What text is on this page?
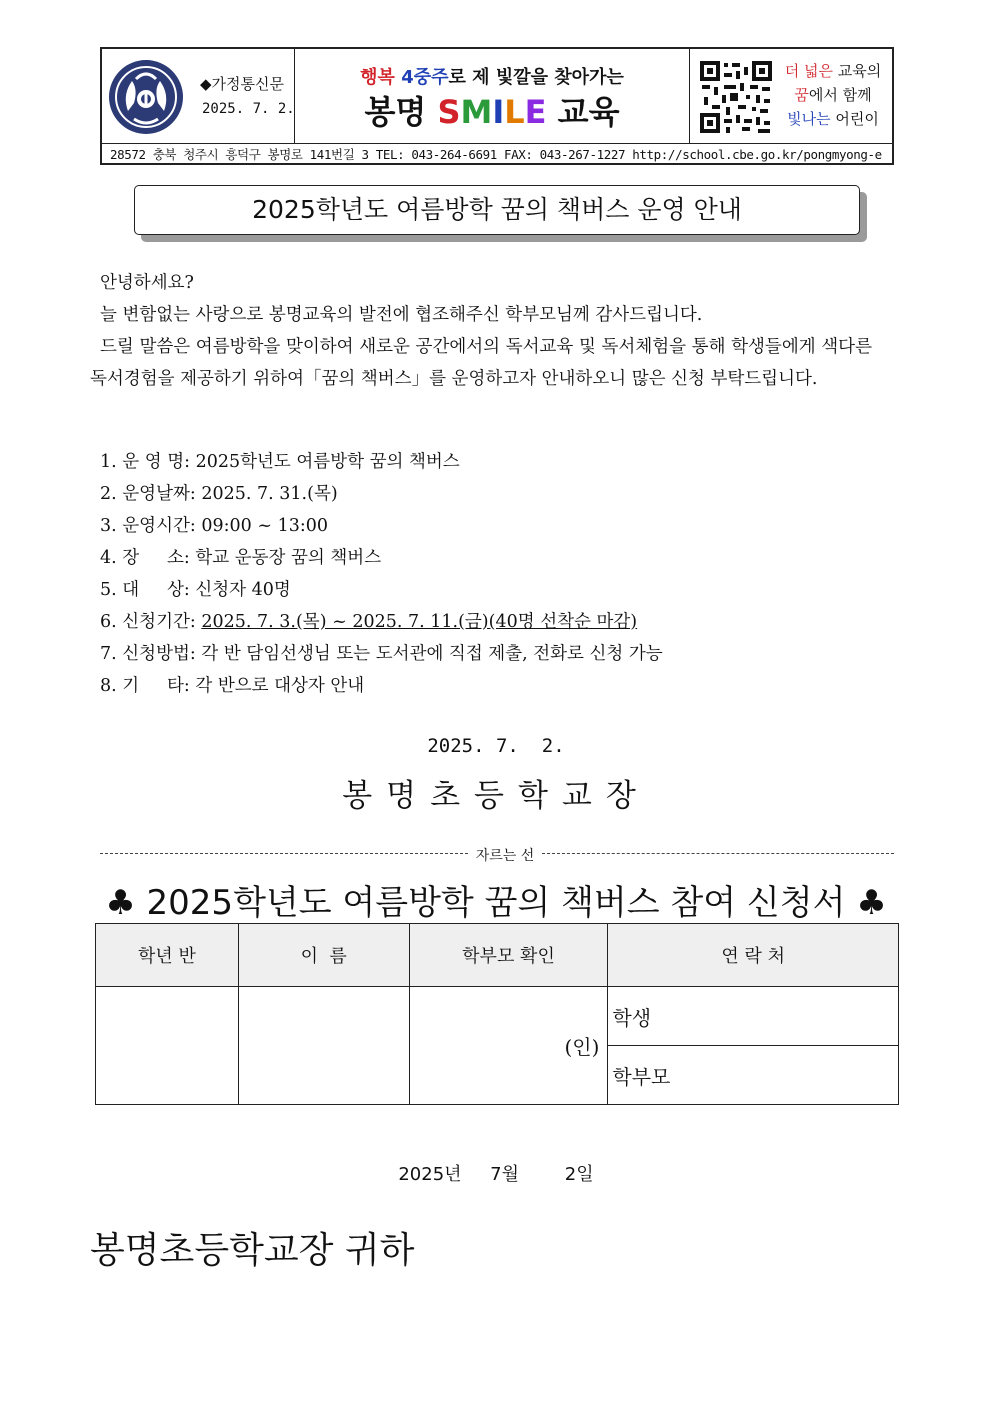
◆가정통신문
2025. 7. 2.
행복 4중주로 제 빛깔을 찾아가는
봉명 SMILE 교육
더 넓은 교육의
꿈에서 함께
빛나는 어린이
28572 충북 청주시 흥덕구 봉명로 141번길 3 TEL: 043-264-6691 FAX: 043-267-1227 http://school.cbe.go.kr/pongmyong-e
2025학년도 여름방학 꿈의 책버스 운영 안내

안녕하세요?

늘 변함없는 사랑으로 봉명교육의 발전에 협조해주신 학부모님께 감사드립니다.

드릴 말씀은 여름방학을 맞이하여 새로운 공간에서의 독서교육 및 독서체험을 통해 학생들에게 색다른 독서경험을 제공하기 위하여「꿈의 책버스」를 운영하고자 안내하오니 많은 신청 부탁드립니다.

1. 운 영 명: 2025학년도 여름방학 꿈의 책버스
2. 운영날짜: 2025. 7. 31.(목)
3. 운영시간: 09:00 ~ 13:00
4. 장     소: 학교 운동장 꿈의 책버스
5. 대     상: 신청자 40명
6. 신청기간: 2025. 7. 3.(목) ~ 2025. 7. 11.(금)(40명 선착순 마감)
7. 신청방법: 각 반 담임선생님 또는 도서관에 직접 제출, 전화로 신청 가능
8. 기     타: 각 반으로 대상자 안내
2025. 7.  2.
봉명초등학교장
자르는 선
♣ 2025학년도 여름방학 꿈의 책버스 참여 신청서 ♣
학년 반	이  름	학부모 확인	연 락 처
		(인)	학생
			학부모
2025년     7월        2일
봉명초등학교장 귀하
